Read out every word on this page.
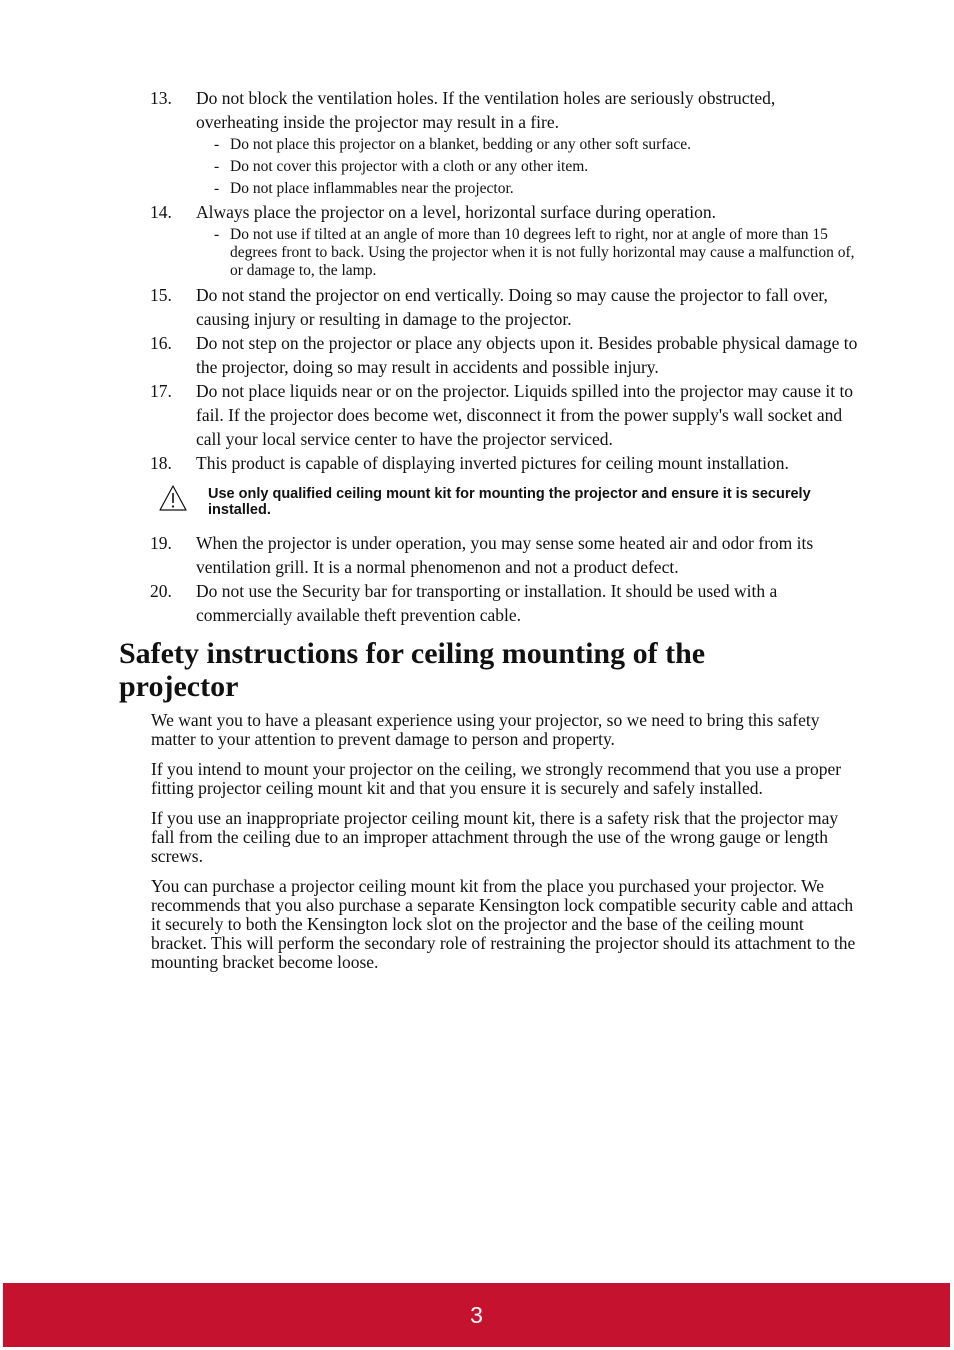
13.	Do not block the ventilation holes. If the ventilation holes are seriously obstructed, overheating inside the projector may result in a fire.
- Do not place this projector on a blanket, bedding or any other soft surface.
- Do not cover this projector with a cloth or any other item.
- Do not place inflammables near the projector.
14.	Always place the projector on a level, horizontal surface during operation.
- Do not use if tilted at an angle of more than 10 degrees left to right, nor at angle of more than 15 degrees front to back. Using the projector when it is not fully horizontal may cause a malfunction of, or damage to, the lamp.
15.	Do not stand the projector on end vertically. Doing so may cause the projector to fall over, causing injury or resulting in damage to the projector.
16.	Do not step on the projector or place any objects upon it. Besides probable physical damage to the projector, doing so may result in accidents and possible injury.
17.	Do not place liquids near or on the projector. Liquids spilled into the projector may cause it to fail. If the projector does become wet, disconnect it from the power supply's wall socket and call your local service center to have the projector serviced.
18.	This product is capable of displaying inverted pictures for ceiling mount installation.
Use only qualified ceiling mount kit for mounting the projector and ensure it is securely installed.
19.	When the projector is under operation, you may sense some heated air and odor from its ventilation grill. It is a normal phenomenon and not a product defect.
20.	Do not use the Security bar for transporting or installation. It should be used with a commercially available theft prevention cable.
Safety instructions for ceiling mounting of the projector

We want you to have a pleasant experience using your projector, so we need to bring this safety matter to your attention to prevent damage to person and property.

If you intend to mount your projector on the ceiling, we strongly recommend that you use a proper fitting projector ceiling mount kit and that you ensure it is securely and safely installed.

If you use an inappropriate projector ceiling mount kit, there is a safety risk that the projector may fall from the ceiling due to an improper attachment through the use of the wrong gauge or length screws.

You can purchase a projector ceiling mount kit from the place you purchased your projector. We recommends that you also purchase a separate Kensington lock compatible security cable and attach it securely to both the Kensington lock slot on the projector and the base of the ceiling mount bracket. This will perform the secondary role of restraining the projector should its attachment to the mounting bracket become loose.

3
